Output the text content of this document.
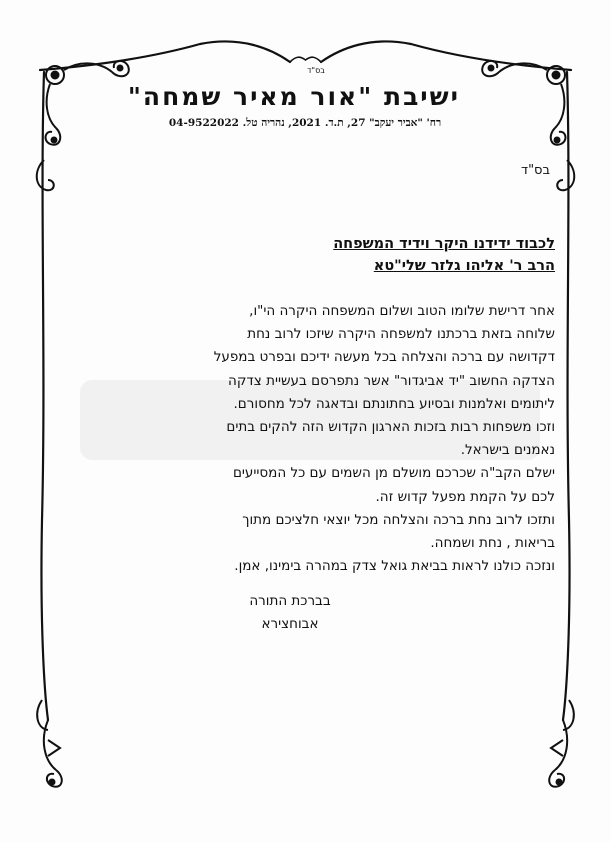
בס"ד
ישיבת "אור מאיר שמחה"
רח' "אביר יעקב" 27, ת.ד. 2021, נהריה טל. 04-9522022
בס"ד
לכבוד ידידנו היקר וידיד המשפחה
הרב ר' אליהו גלזר שלי"טא
אחר דרישת שלומו הטוב ושלום המשפחה היקרה הי"ו,
שלוחה בזאת ברכתנו למשפחה היקרה שיזכו לרוב נחת
דקדושה עם ברכה והצלחה בכל מעשה ידיכם ובפרט במפעל
הצדקה החשוב "יד אביגדור" אשר נתפרסם בעשיית צדקה
ליתומים ואלמנות ובסיוע בחתונתם ובדאגה לכל מחסורם.
וזכו משפחות רבות בזכות הארגון הקדוש הזה להקים בתים
נאמנים בישראל.
ישלם הקב"ה שכרכם מושלם מן השמים עם כל המסייעים
לכם על הקמת מפעל קדוש זה.
ותזכו לרוב נחת ברכה והצלחה מכל יוצאי חלציכם מתוך
בריאות , נחת ושמחה.
ונזכה כולנו לראות בביאת גואל צדק במהרה בימינו, אמן.
בברכת התורה
אבוחצירא
